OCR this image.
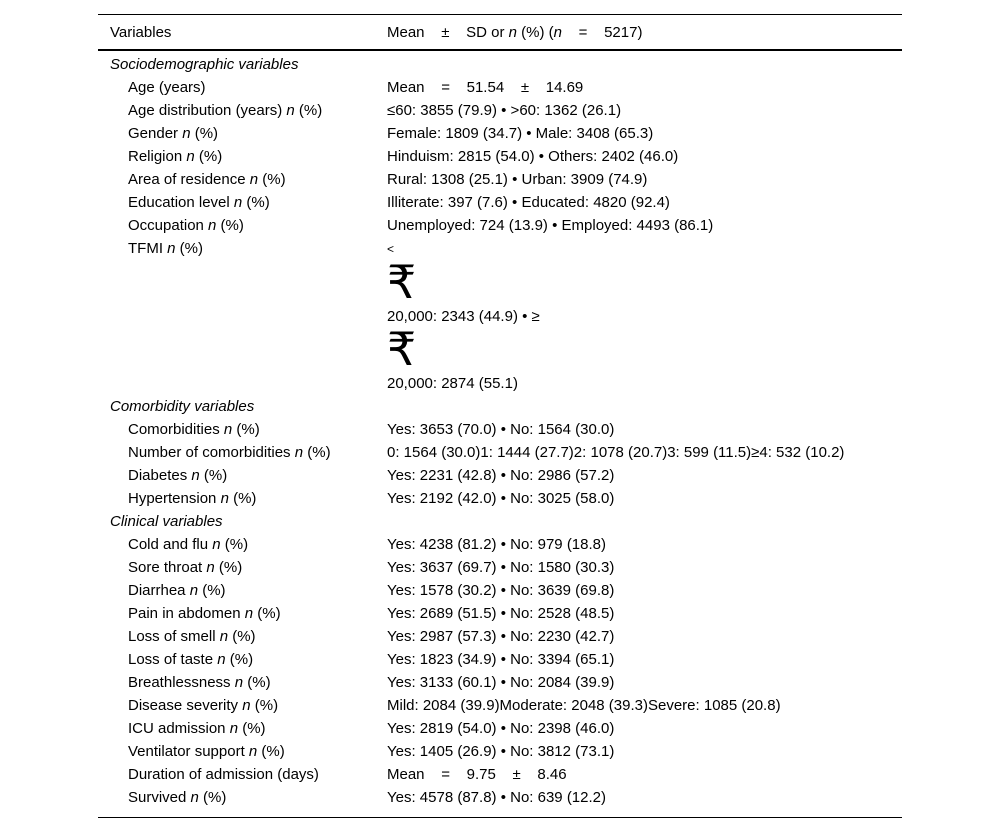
Variables	Mean    ±    SD or n (%) (n    =    5217)
Sociodemographic variables
Age (years)	Mean    =    51.54    ±    14.69
Age distribution (years) n (%)	≤60: 3855 (79.9) • >60: 1362 (26.1)
Gender n (%)	Female: 1809 (34.7) • Male: 3408 (65.3)
Religion n (%)	Hinduism: 2815 (54.0) • Others: 2402 (46.0)
Area of residence n (%)	Rural: 1308 (25.1) • Urban: 3909 (74.9)
Education level n (%)	Illiterate: 397 (7.6) • Educated: 4820 (92.4)
Occupation n (%)	Unemployed: 724 (13.9) • Employed: 4493 (86.1)
TFMI n (%)	<
₹
20,000: 2343 (44.9) • ≥
₹
20,000: 2874 (55.1)
Comorbidity variables
Comorbidities n (%)	Yes: 3653 (70.0) • No: 1564 (30.0)
Number of comorbidities n (%)	0: 1564 (30.0)1: 1444 (27.7)2: 1078 (20.7)3: 599 (11.5)≥4: 532 (10.2)
Diabetes n (%)	Yes: 2231 (42.8) • No: 2986 (57.2)
Hypertension n (%)	Yes: 2192 (42.0) • No: 3025 (58.0)
Clinical variables
Cold and flu n (%)	Yes: 4238 (81.2) • No: 979 (18.8)
Sore throat n (%)	Yes: 3637 (69.7) • No: 1580 (30.3)
Diarrhea n (%)	Yes: 1578 (30.2) • No: 3639 (69.8)
Pain in abdomen n (%)	Yes: 2689 (51.5) • No: 2528 (48.5)
Loss of smell n (%)	Yes: 2987 (57.3) • No: 2230 (42.7)
Loss of taste n (%)	Yes: 1823 (34.9) • No: 3394 (65.1)
Breathlessness n (%)	Yes: 3133 (60.1) • No: 2084 (39.9)
Disease severity n (%)	Mild: 2084 (39.9)Moderate: 2048 (39.3)Severe: 1085 (20.8)
ICU admission n (%)	Yes: 2819 (54.0) • No: 2398 (46.0)
Ventilator support n (%)	Yes: 1405 (26.9) • No: 3812 (73.1)
Duration of admission (days)	Mean    =    9.75    ±    8.46
Survived n (%)	Yes: 4578 (87.8) • No: 639 (12.2)
